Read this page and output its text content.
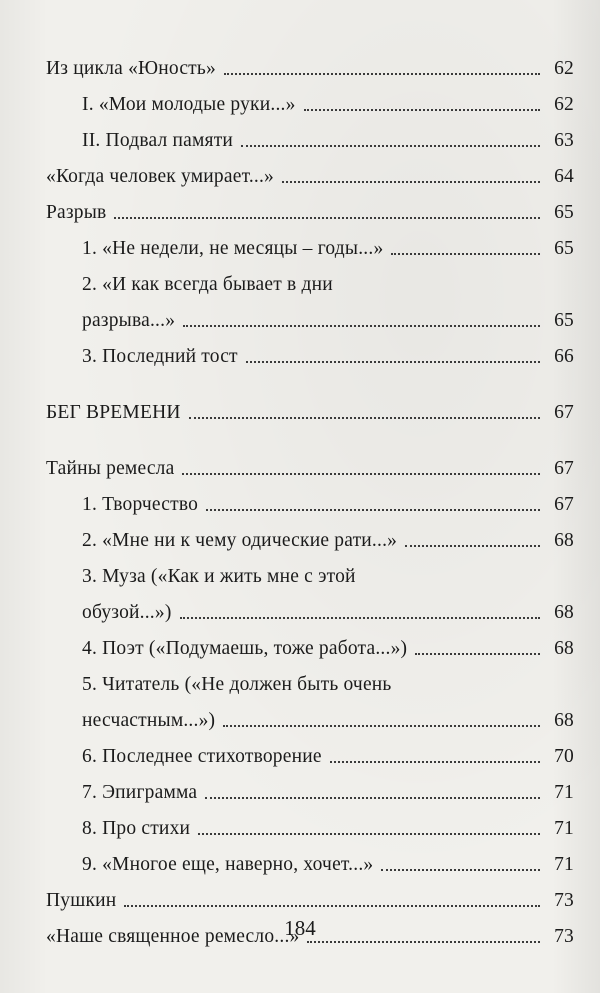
Из цикла «Юность»	62
I. «Мои молодые руки...»	62
II. Подвал памяти	63
«Когда человек умирает...»	64
Разрыв	65
1. «Не недели, не месяцы – годы...»	65
2. «И как всегда бывает в дни
разрыва...»	65
3. Последний тост	66
БЕГ ВРЕМЕНИ	67
Тайны ремесла	67
1. Творчество	67
2. «Мне ни к чему одические рати...»	68
3. Муза («Как и жить мне с этой
обузой...»)	68
4. Поэт («Подумаешь, тоже работа...»)	68
5. Читатель («Не должен быть очень
несчастным...»)	68
6. Последнее стихотворение	70
7. Эпиграмма	71
8. Про стихи	71
9. «Многое еще, наверно, хочет...»	71
Пушкин	73
«Наше священное ремесло...»	73
184
